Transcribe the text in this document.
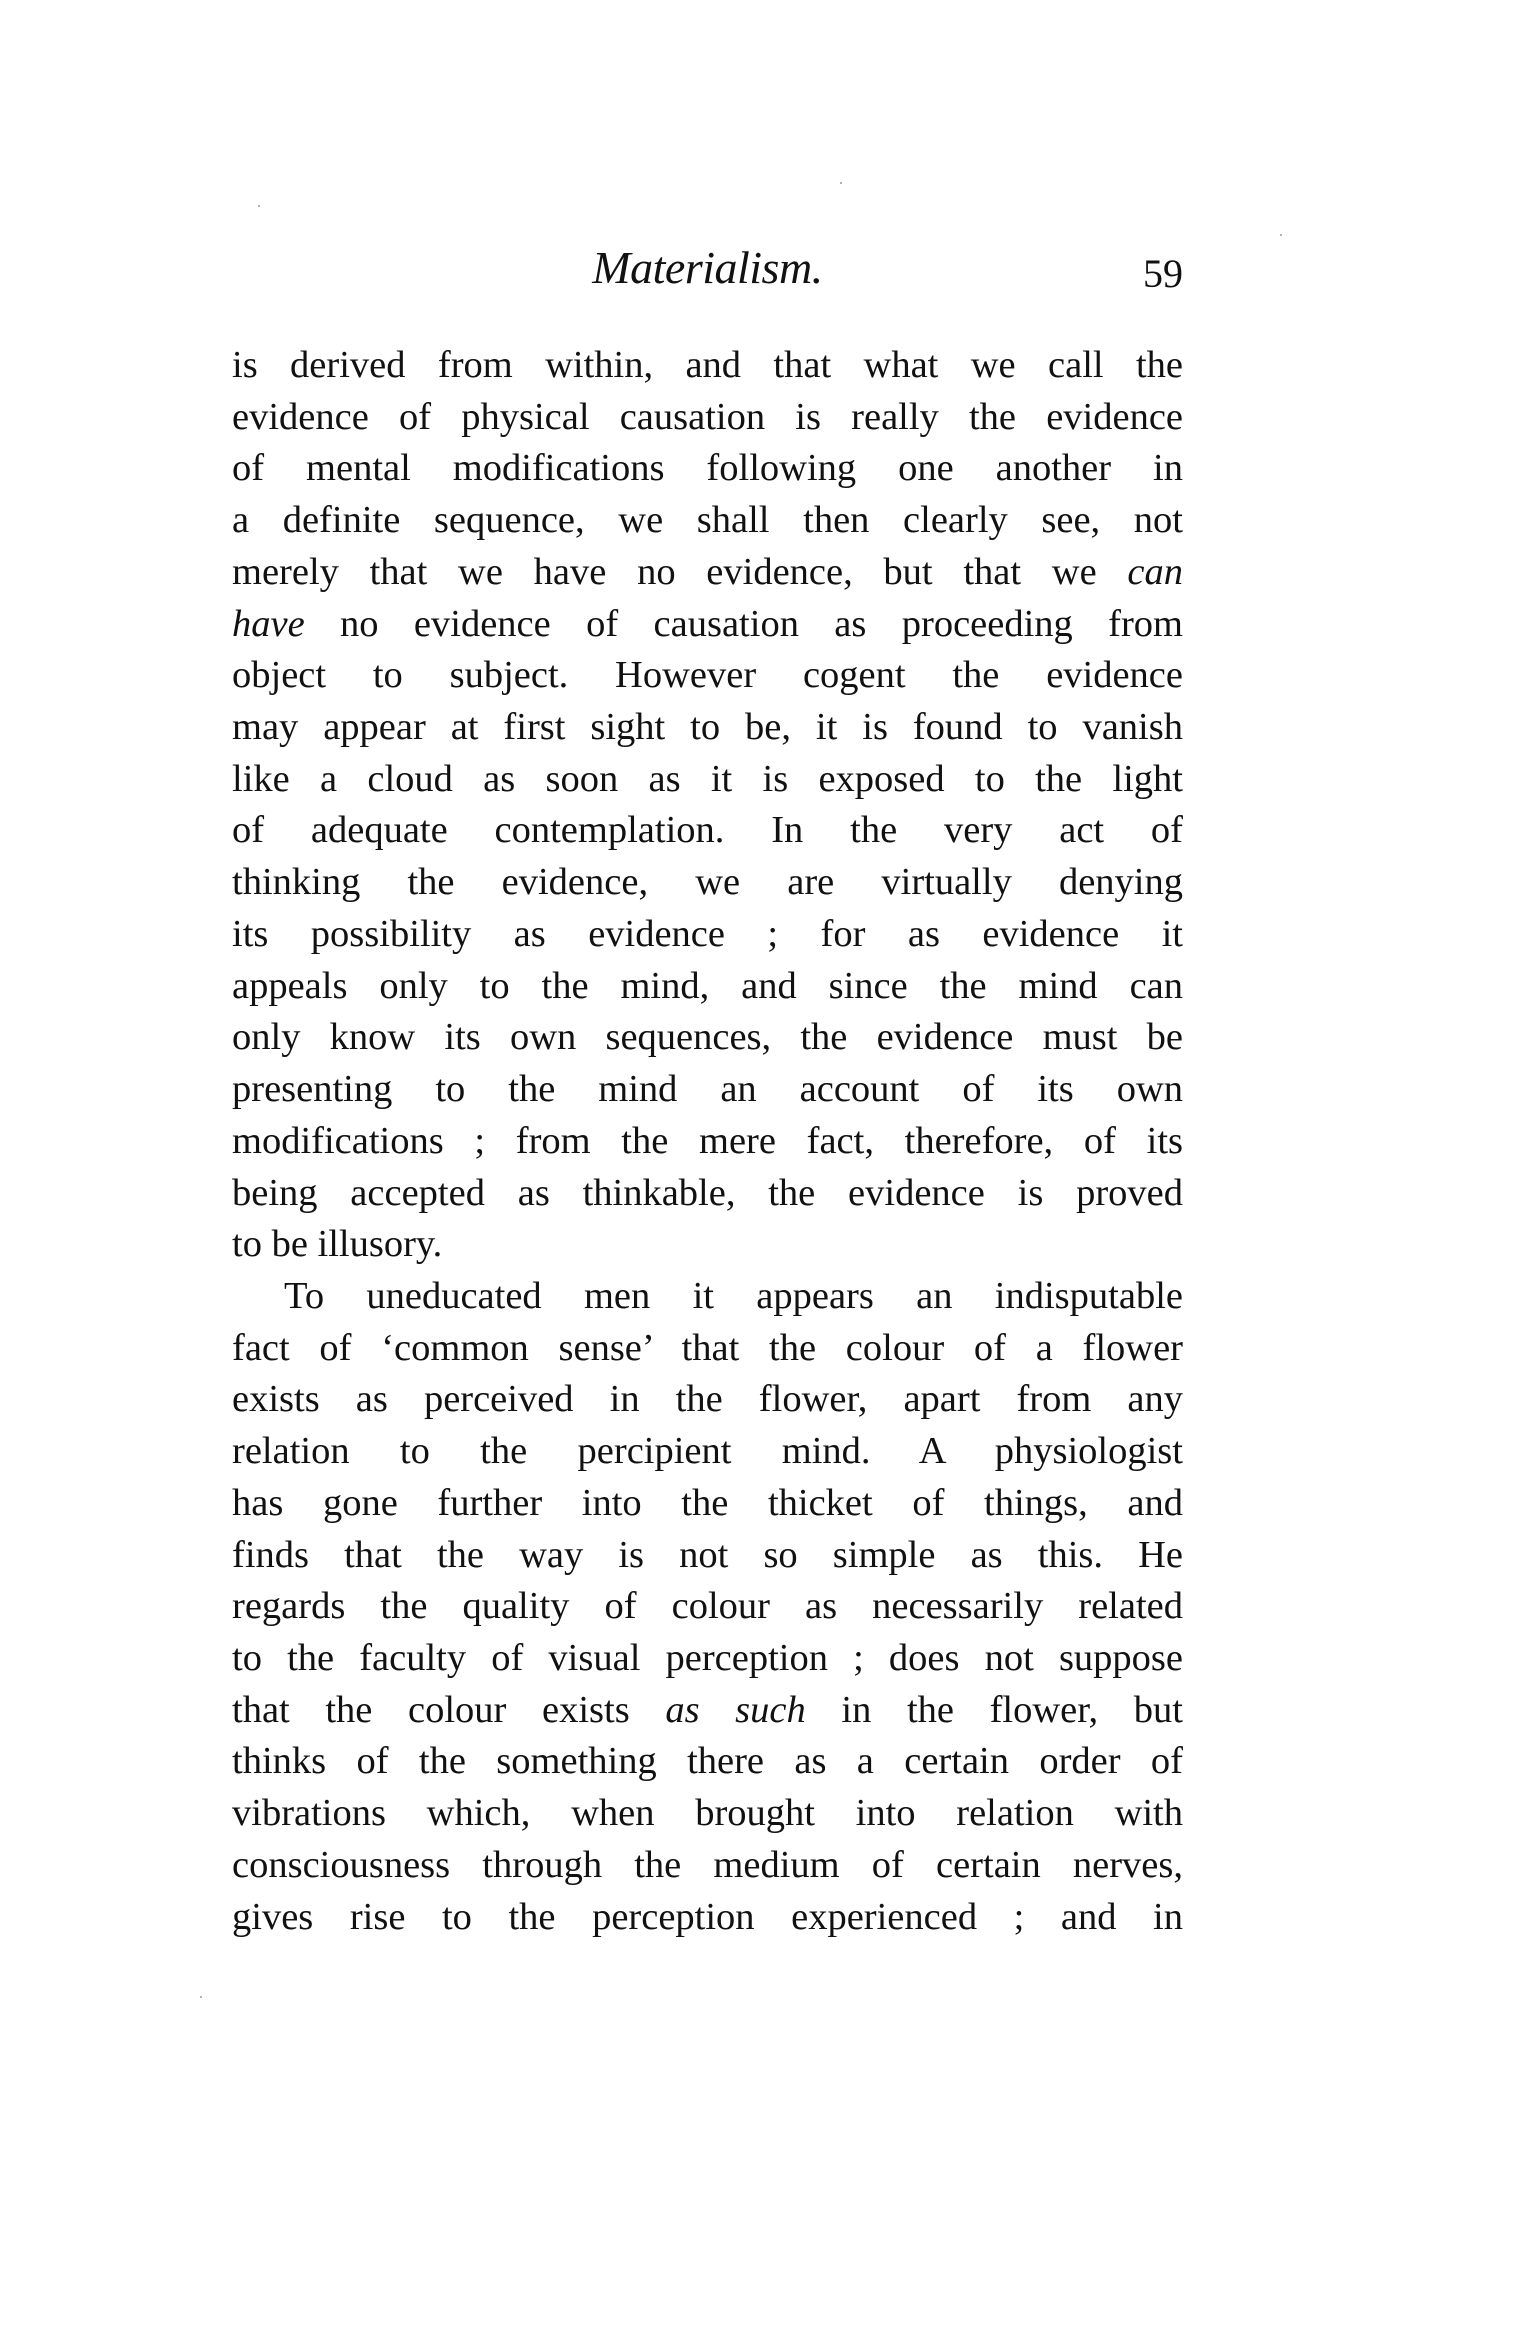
Materialism.	59
is derived from within, and that what we call the
evidence of physical causation is really the evidence
of mental modifications following one another in
a definite sequence, we shall then clearly see, not
merely that we have no evidence, but that we can
have no evidence of causation as proceeding from
object to subject. However cogent the evidence
may appear at first sight to be, it is found to vanish
like a cloud as soon as it is exposed to the light
of adequate contemplation. In the very act of
thinking the evidence, we are virtually denying
its possibility as evidence ; for as evidence it
appeals only to the mind, and since the mind can
only know its own sequences, the evidence must be
presenting to the mind an account of its own
modifications ; from the mere fact, therefore, of its
being accepted as thinkable, the evidence is proved
to be illusory.
To uneducated men it appears an indisputable
fact of ‘common sense’ that the colour of a flower
exists as perceived in the flower, apart from any
relation to the percipient mind. A physiologist
has gone further into the thicket of things, and
finds that the way is not so simple as this. He
regards the quality of colour as necessarily related
to the faculty of visual perception ; does not suppose
that the colour exists as such in the flower, but
thinks of the something there as a certain order of
vibrations which, when brought into relation with
consciousness through the medium of certain nerves,
gives rise to the perception experienced ; and in
